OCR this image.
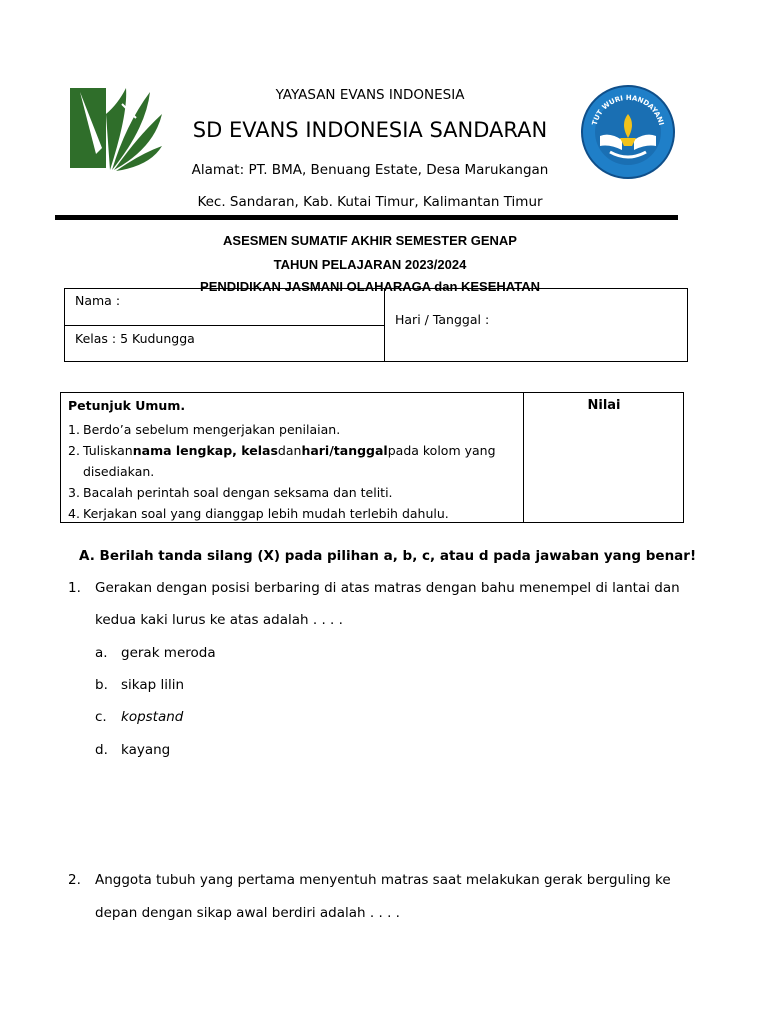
TUT WURI HANDAYANI
YAYASAN EVANS INDONESIA
SD EVANS INDONESIA SANDARAN
Alamat: PT. BMA, Benuang Estate, Desa Marukangan
Kec. Sandaran, Kab. Kutai Timur, Kalimantan Timur
ASESMEN SUMATIF AKHIR SEMESTER GENAP
TAHUN PELAJARAN 2023/2024
PENDIDIKAN JASMANI OLAHARAGA dan KESEHATAN
Nama :
Kelas : 5 Kudungga
Hari / Tanggal :
Petunjuk Umum.	Nilai
1. Berdo’a sebelum mengerjakan penilaian.
2. Tuliskan nama lengkap, kelas dan hari/tanggal pada kolom yang
disediakan.
3. Bacalah perintah soal dengan seksama dan teliti.
4. Kerjakan soal yang dianggap lebih mudah terlebih dahulu.
A. Berilah tanda silang (X) pada pilihan a, b, c, atau d pada jawaban yang benar!
1. Gerakan dengan posisi berbaring di atas matras dengan bahu menempel di lantai dan
kedua kaki lurus ke atas adalah . . . .
a. gerak meroda
b. sikap lilin
c. kopstand
d. kayang
2. Anggota tubuh yang pertama menyentuh matras saat melakukan gerak berguling ke
depan dengan sikap awal berdiri adalah . . . .
